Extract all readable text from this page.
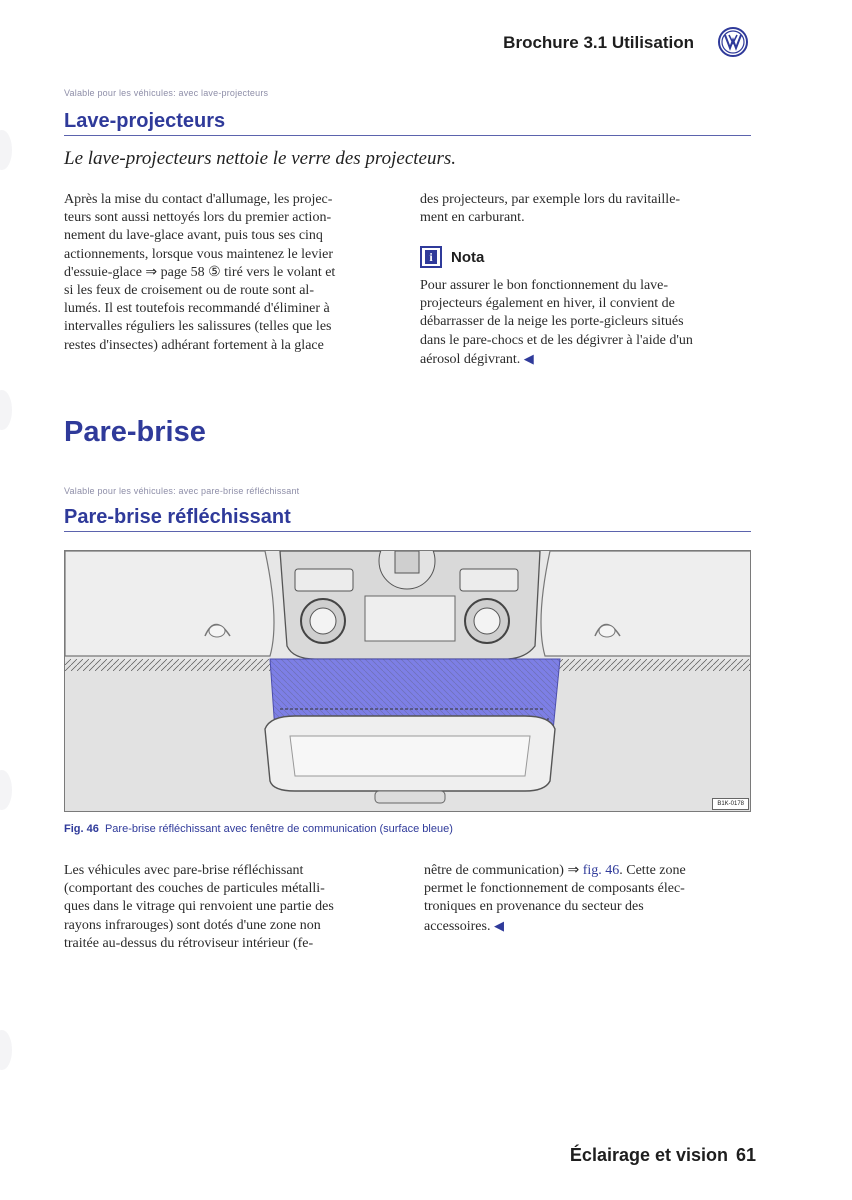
Brochure 3.1 Utilisation
Valable pour les véhicules: avec lave-projecteurs
Lave-projecteurs
Le lave-projecteurs nettoie le verre des projecteurs.
Après la mise du contact d'allumage, les projec-
teurs sont aussi nettoyés lors du premier action-
nement du lave-glace avant, puis tous ses cinq
actionnements, lorsque vous maintenez le levier
d'essuie-glace ⇒ page 58 ⑤ tiré vers le volant et
si les feux de croisement ou de route sont al-
lumés. Il est toutefois recommandé d'éliminer à
intervalles réguliers les salissures (telles que les
restes d'insectes) adhérant fortement à la glace
des projecteurs, par exemple lors du ravitaille-
ment en carburant.
i Nota
Pour assurer le bon fonctionnement du lave-
projecteurs également en hiver, il convient de
débarrasser de la neige les porte-gicleurs situés
dans le pare-chocs et de les dégivrer à l'aide d'un
aérosol dégivrant. ◀
Pare-brise
Valable pour les véhicules: avec pare-brise réfléchissant
Pare-brise réfléchissant
B1K-0178
Fig. 46 Pare-brise réfléchissant avec fenêtre de communication (surface bleue)
Les véhicules avec pare-brise réfléchissant
(comportant des couches de particules métalli-
ques dans le vitrage qui renvoient une partie des
rayons infrarouges) sont dotés d'une zone non
traitée au-dessus du rétroviseur intérieur (fe-
nêtre de communication) ⇒ fig. 46. Cette zone
permet le fonctionnement de composants élec-
troniques en provenance du secteur des
accessoires. ◀
Éclairage et vision 61
